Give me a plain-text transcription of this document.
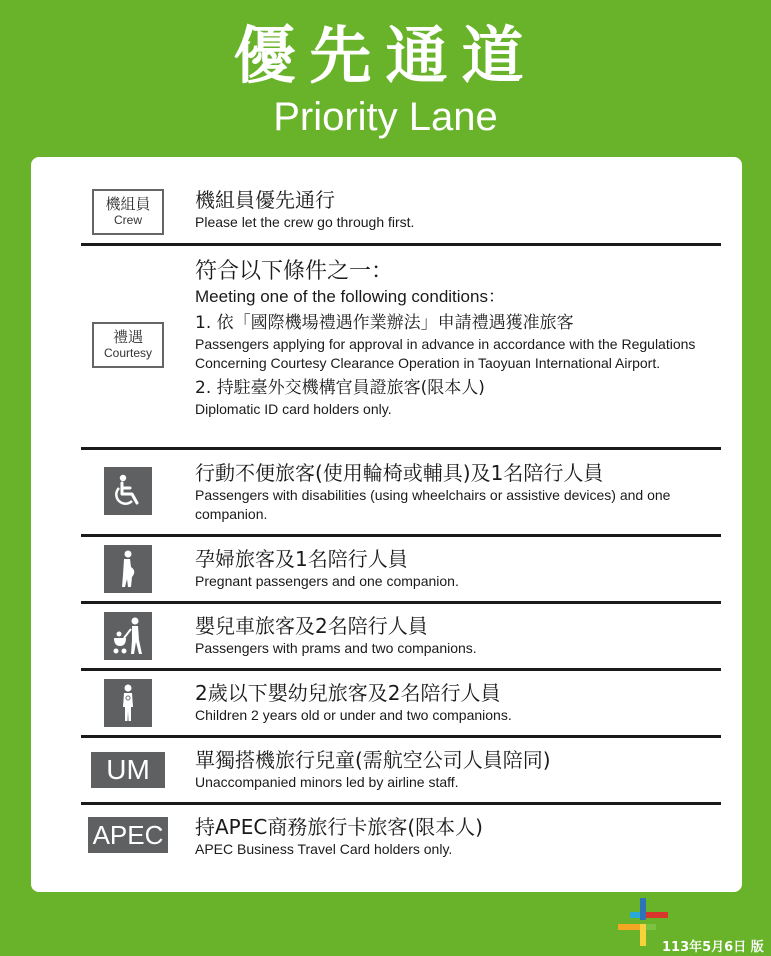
優先通道
Priority Lane
機組員
Crew
機組員優先通行
Please let the crew go through first.
禮遇
Courtesy
符合以下條件之一：
Meeting one of the following conditions：
1. 依「國際機場禮遇作業辦法」申請禮遇獲准旅客
Passengers applying for approval in advance in accordance with the Regulations Concerning Courtesy Clearance Operation in Taoyuan International Airport.
2. 持駐臺外交機構官員證旅客(限本人)
Diplomatic ID card holders only.
行動不便旅客(使用輪椅或輔具)及1名陪行人員
Passengers with disabilities (using wheelchairs or assistive devices) and one companion.
孕婦旅客及1名陪行人員
Pregnant passengers and one companion.
嬰兒車旅客及2名陪行人員
Passengers with prams and two companions.
2歲以下嬰幼兒旅客及2名陪行人員
Children 2 years old or under and two companions.
UM	單獨搭機旅行兒童(需航空公司人員陪同)
Unaccompanied minors led by airline staff.
APEC 持APEC商務旅行卡旅客(限本人)
APEC Business Travel Card holders only.
113年5月6日 版
